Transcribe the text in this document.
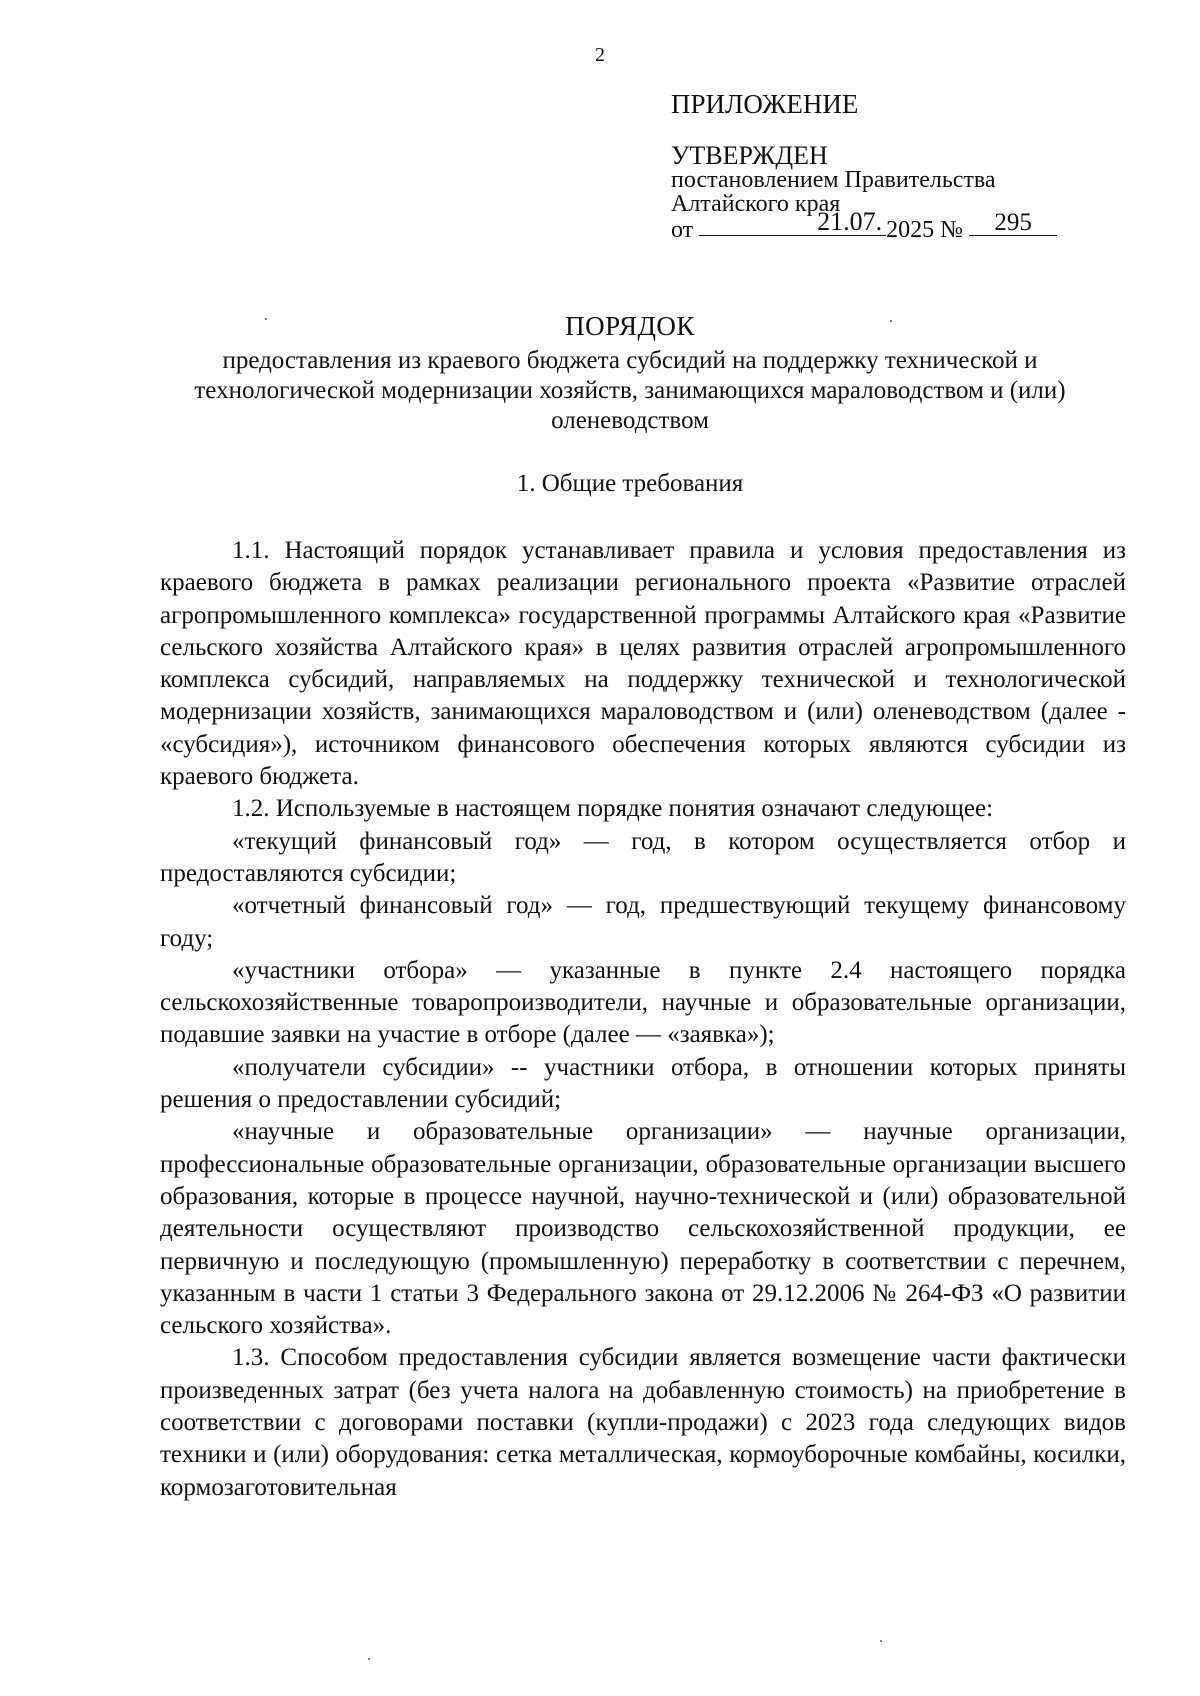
2
ПРИЛОЖЕНИЕ
УТВЕРЖДЕН
постановлением Правительства
Алтайского края
от	21.07. 2025 № 295
ПОРЯДОК
предоставления из краевого бюджета субсидий на поддержку технической и технологической модернизации хозяйств, занимающихся мараловодством и (или) оленеводством
1. Общие требования

1.1. Настоящий порядок устанавливает правила и условия предоставления из краевого бюджета в рамках реализации регионального проекта «Развитие отраслей агропромышленного комплекса» государственной программы Алтайского края «Развитие сельского хозяйства Алтайского края» в целях развития отраслей агропромышленного комплекса субсидий, направляемых на поддержку технической и технологической модернизации хозяйств, занимающихся мараловодством и (или) оленеводством (далее - «субсидия»), источником финансового обеспечения которых являются субсидии из краевого бюджета.

1.2. Используемые в настоящем порядке понятия означают следующее:

«текущий финансовый год» — год, в котором осуществляется отбор и предоставляются субсидии;

«отчетный финансовый год» — год, предшествующий текущему финансовому году;

«участники отбора» — указанные в пункте 2.4 настоящего порядка сельскохозяйственные товаропроизводители, научные и образовательные организации, подавшие заявки на участие в отборе (далее — «заявка»);

«получатели субсидии» -- участники отбора, в отношении которых приняты решения о предоставлении субсидий;

«научные и образовательные организации» — научные организации, профессиональные образовательные организации, образовательные организации высшего образования, которые в процессе научной, научно-технической и (или) образовательной деятельности осуществляют производство сельскохозяйственной продукции, ее первичную и последующую (промышленную) переработку в соответствии с перечнем, указанным в части 1 статьи 3 Федерального закона от 29.12.2006 № 264-ФЗ «О развитии сельского хозяйства».

1.3. Способом предоставления субсидии является возмещение части фактически произведенных затрат (без учета налога на добавленную стоимость) на приобретение в соответствии с договорами поставки (купли-продажи) с 2023 года следующих видов техники и (или) оборудования: сетка металлическая, кормоуборочные комбайны, косилки, кормозаготовительная
